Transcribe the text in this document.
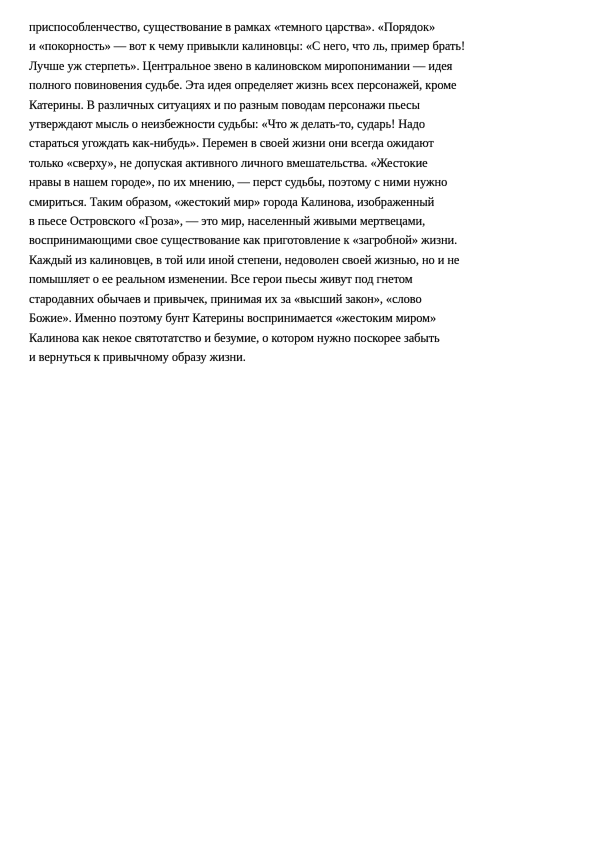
приспособленчество, существование в рамках «темного царства». «Порядок»
и «покорность» — вот к чему привыкли калиновцы: «С него, что ль, пример брать!
Лучше уж стерпеть». Центральное звено в калиновском миропонимании — идея
полного повиновения судьбе. Эта идея определяет жизнь всех персонажей, кроме
Катерины. В различных ситуациях и по разным поводам персонажи пьесы
утверждают мысль о неизбежности судьбы: «Что ж делать-то, сударь! Надо
стараться угождать как-нибудь». Перемен в своей жизни они всегда ожидают
только «сверху», не допуская активного личного вмешательства. «Жестокие
нравы в нашем городе», по их мнению, — перст судьбы, поэтому с ними нужно
смириться. Таким образом, «жестокий мир» города Калинова, изображенный
в пьесе Островского «Гроза», — это мир, населенный живыми мертвецами,
воспринимающими свое существование как приготовление к «загробной» жизни.
Каждый из калиновцев, в той или иной степени, недоволен своей жизнью, но и не
помышляет о ее реальном изменении. Все герои пьесы живут под гнетом
стародавних обычаев и привычек, принимая их за «высший закон», «слово
Божие». Именно поэтому бунт Катерины воспринимается «жестоким миром»
Калинова как некое святотатство и безумие, о котором нужно поскорее забыть
и вернуться к привычному образу жизни.
